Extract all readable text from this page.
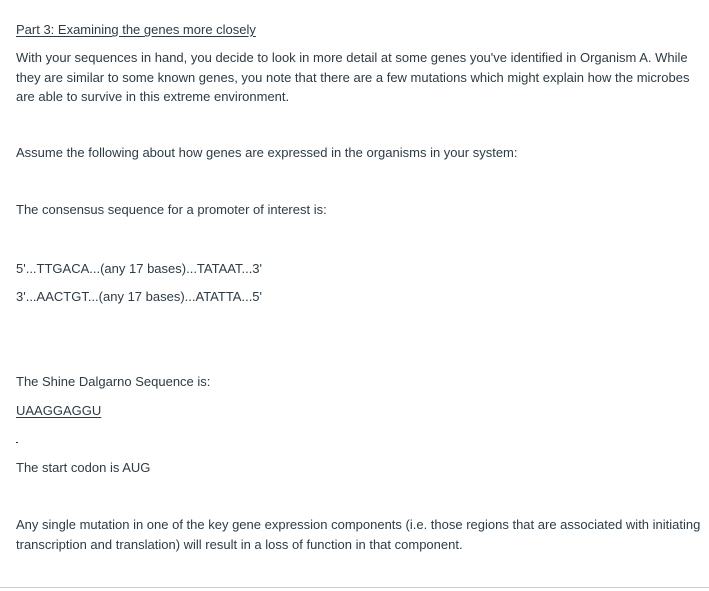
Part 3: Examining the genes more closely
With your sequences in hand, you decide to look in more detail at some genes you've identified in Organism A. While they are similar to some known genes, you note that there are a few mutations which might explain how the microbes are able to survive in this extreme environment.
Assume the following about how genes are expressed in the organisms in your system:
The consensus sequence for a promoter of interest is:
5'...TTGACA...(any 17 bases)...TATAAT...3'
3'...AACTGT...(any 17 bases)...ATATTA...5'
The Shine Dalgarno Sequence is:
UAAGGAGGU
The start codon is AUG
Any single mutation in one of the key gene expression components (i.e. those regions that are associated with initiating transcription and translation) will result in a loss of function in that component.
